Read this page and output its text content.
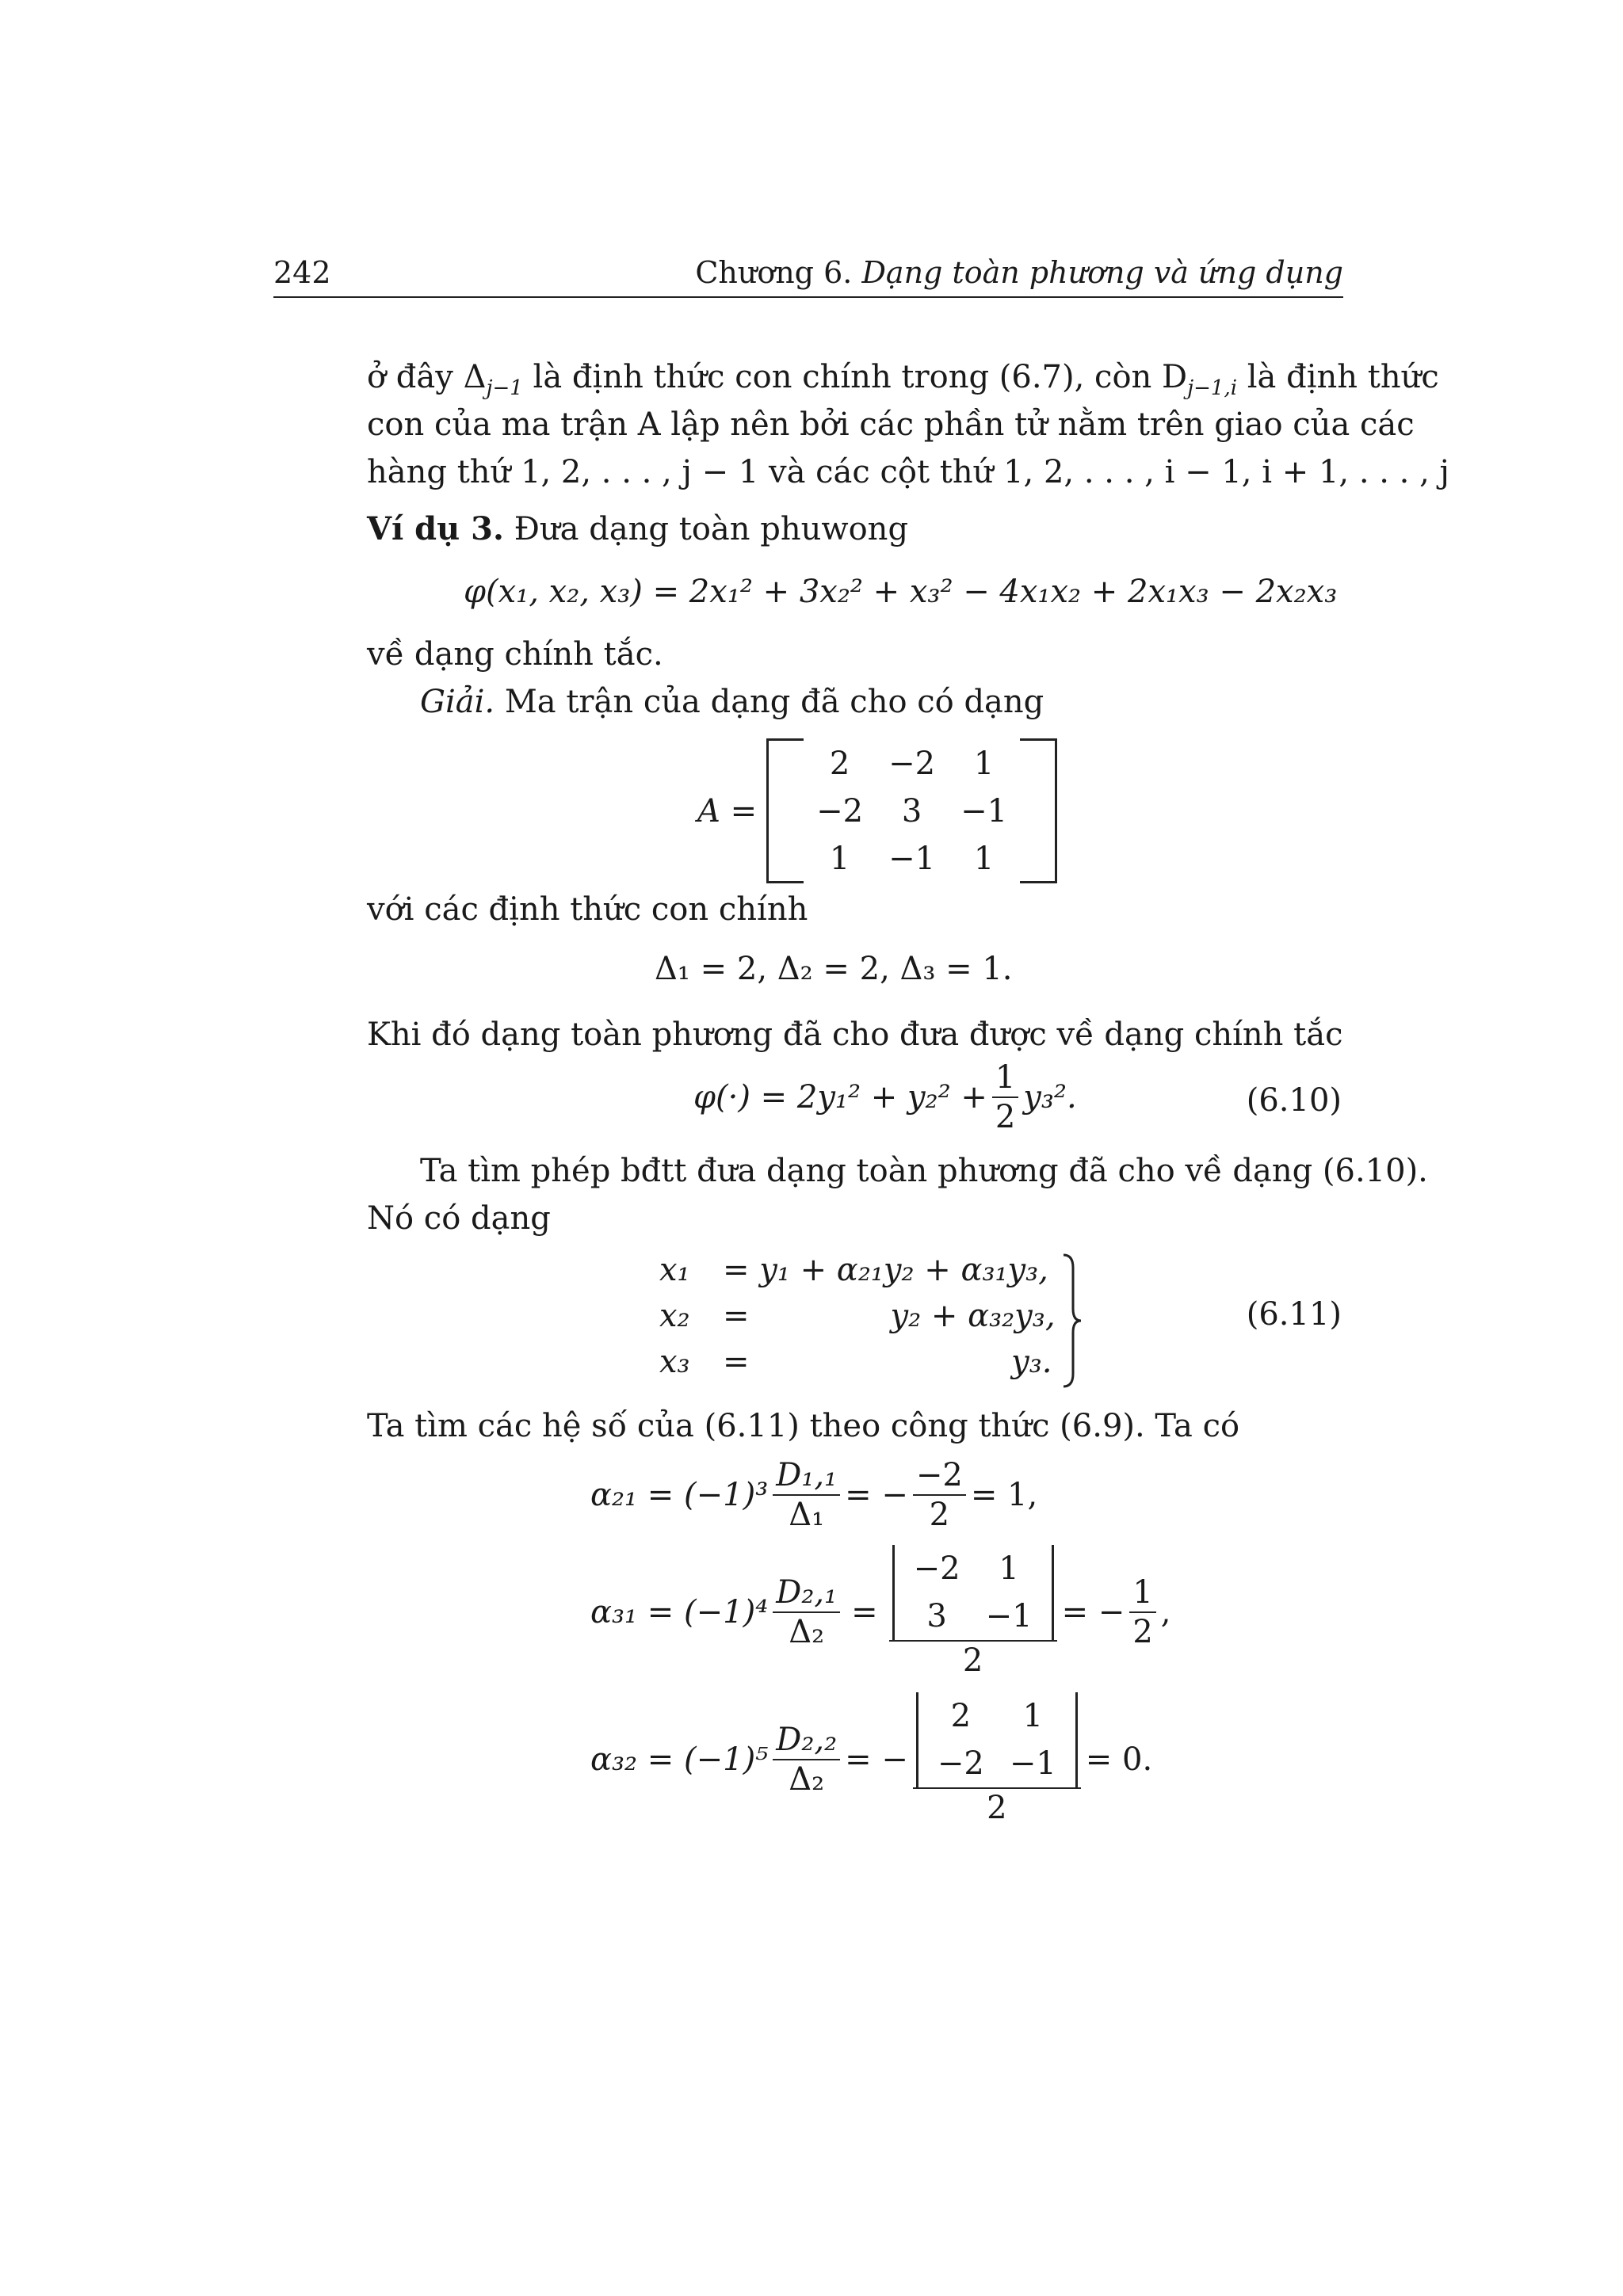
242	Chương 6. Dạng toàn phương và ứng dụng
ở đây $\Delta_{j-1}$ là định thức con chính trong (6.7), còn $D_{j-1,i}$ là định thức
con của ma trận A lập nên bởi các phần tử nằm trên giao của các
hàng thứ 1, 2, . . . , j − 1 và các cột thứ 1, 2, . . . , i − 1, i + 1, . . . , j
Ví dụ 3. Đưa dạng toàn phuwong
φ(x₁, x₂, x₃) = 2x₁² + 3x₂² + x₃² − 4x₁x₂ + 2x₁x₃ − 2x₂x₃
về dạng chính tắc.
Giải. Ma trận của dạng đã cho có dạng
A =
	2	−2	1	
	−2	3	−1	
	1	−1	1	
với các định thức con chính
Δ₁ = 2, Δ₂ = 2, Δ₃ = 1.
Khi đó dạng toàn phương đã cho đưa được về dạng chính tắc
$\varphi(\cdot) = 2y_1^2 + y_2^2 + \frac{1}{2} y_3^2$.	(6.10)
Ta tìm phép bđtt đưa dạng toàn phương đã cho về dạng (6.10).
Nó có dạng
x₁ = y₁ + α₂₁y₂ + α₃₁y₃,
x₂ =              y₂ + α₃₂y₃,
x₃ =                          y₃.
(6.11)
Ta tìm các hệ số của (6.11) theo công thức (6.9). Ta có
$\alpha_{21} = (-1)^3 \frac{\text{D₁,₁}}{\text{Δ₁}}$ = − $\frac{-2}{2} = 1$,
$\alpha_{31} = (-1)^4 \frac{\text{D₂,₁}}{\text{Δ₂}}$ =
	−2	1	
	3	−1	
2
= − $\frac{1}{2}$ ,
$\alpha_{32} = (-1)^5 \frac{\text{D₂,₂}}{\text{Δ₂}}$ = −
	2	1	
	−2	−1	
2
= 0.
